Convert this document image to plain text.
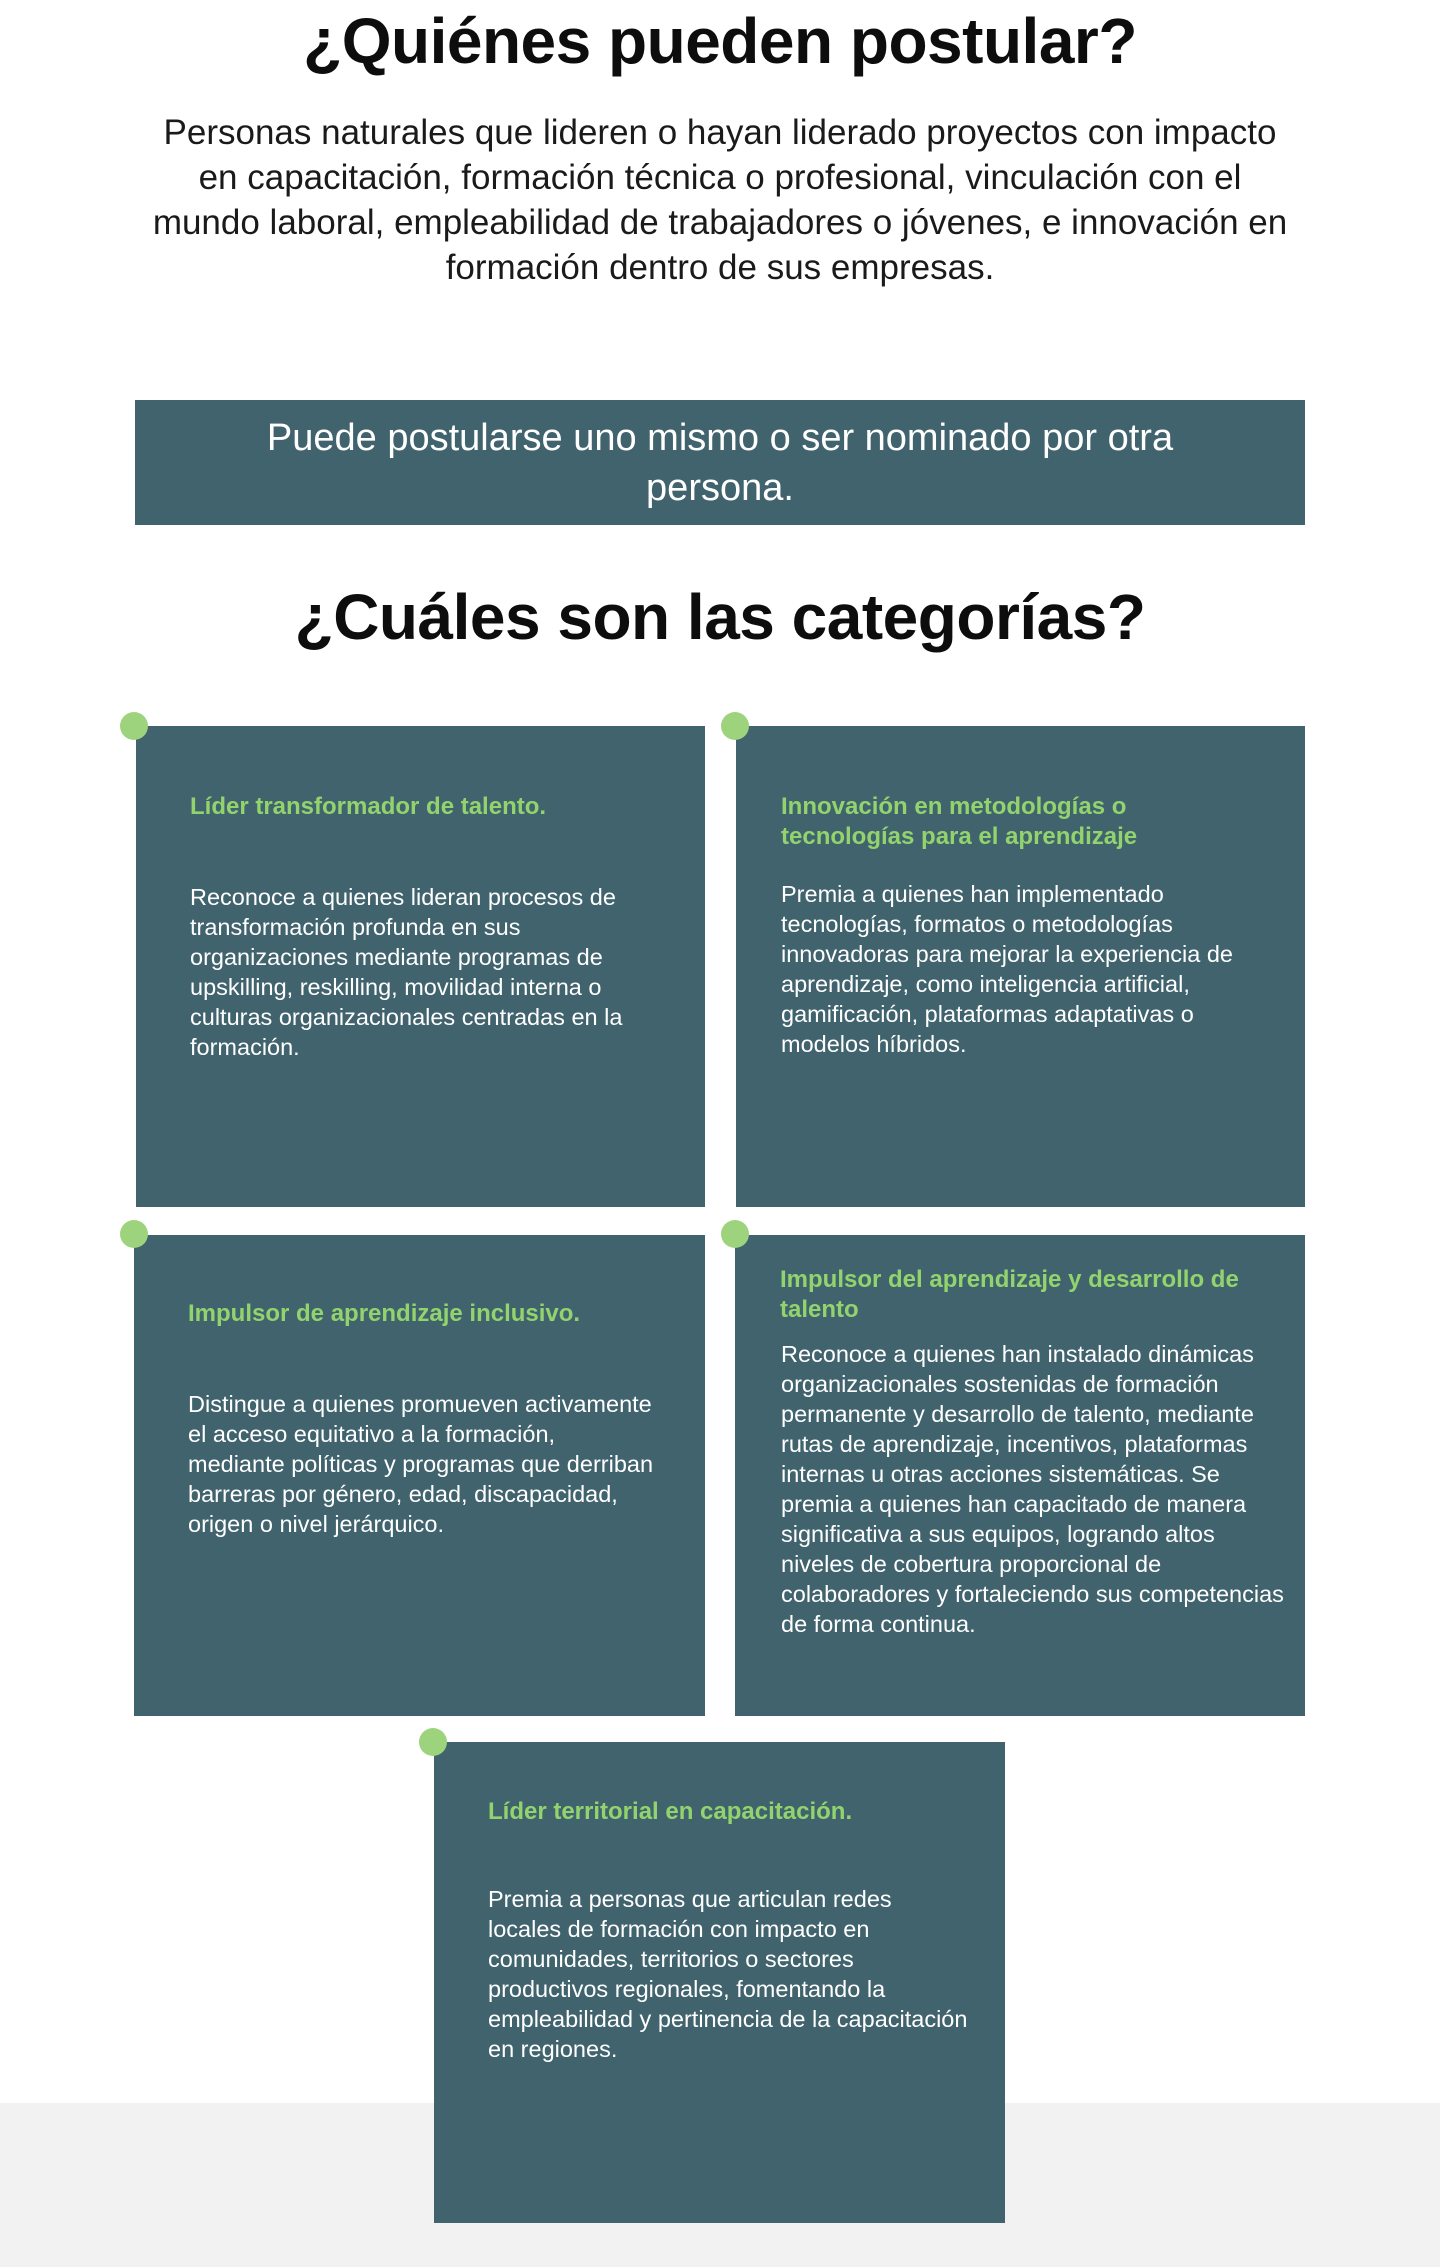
¿Quiénes pueden postular?

Personas naturales que lideren o hayan liderado proyectos con impacto en capacitación, formación técnica o profesional, vinculación con el mundo laboral, empleabilidad de trabajadores o jóvenes, e innovación en formación dentro de sus empresas.

Puede postularse uno mismo o ser nominado por otra persona.

¿Cuáles son las categorías?
Líder transformador de talento.
Reconoce a quienes lideran procesos de transformación profunda en sus organizaciones mediante programas de upskilling, reskilling, movilidad interna o culturas organizacionales centradas en la formación.
Innovación en metodologías o tecnologías para el aprendizaje
Premia a quienes han implementado tecnologías, formatos o metodologías innovadoras para mejorar la experiencia de aprendizaje, como inteligencia artificial, gamificación, plataformas adaptativas o modelos híbridos.
Impulsor de aprendizaje inclusivo.
Distingue a quienes promueven activamente el acceso equitativo a la formación, mediante políticas y programas que derriban barreras por género, edad, discapacidad, origen o nivel jerárquico.
Impulsor del aprendizaje y desarrollo de talento
Reconoce a quienes han instalado dinámicas organizacionales sostenidas de formación permanente y desarrollo de talento, mediante rutas de aprendizaje, incentivos, plataformas internas u otras acciones sistemáticas. Se premia a quienes han capacitado de manera significativa a sus equipos, logrando altos niveles de cobertura proporcional de colaboradores y fortaleciendo sus competencias de forma continua.
Líder territorial en capacitación.
Premia a personas que articulan redes locales de formación con impacto en comunidades, territorios o sectores productivos regionales, fomentando la empleabilidad y pertinencia de la capacitación en regiones.
